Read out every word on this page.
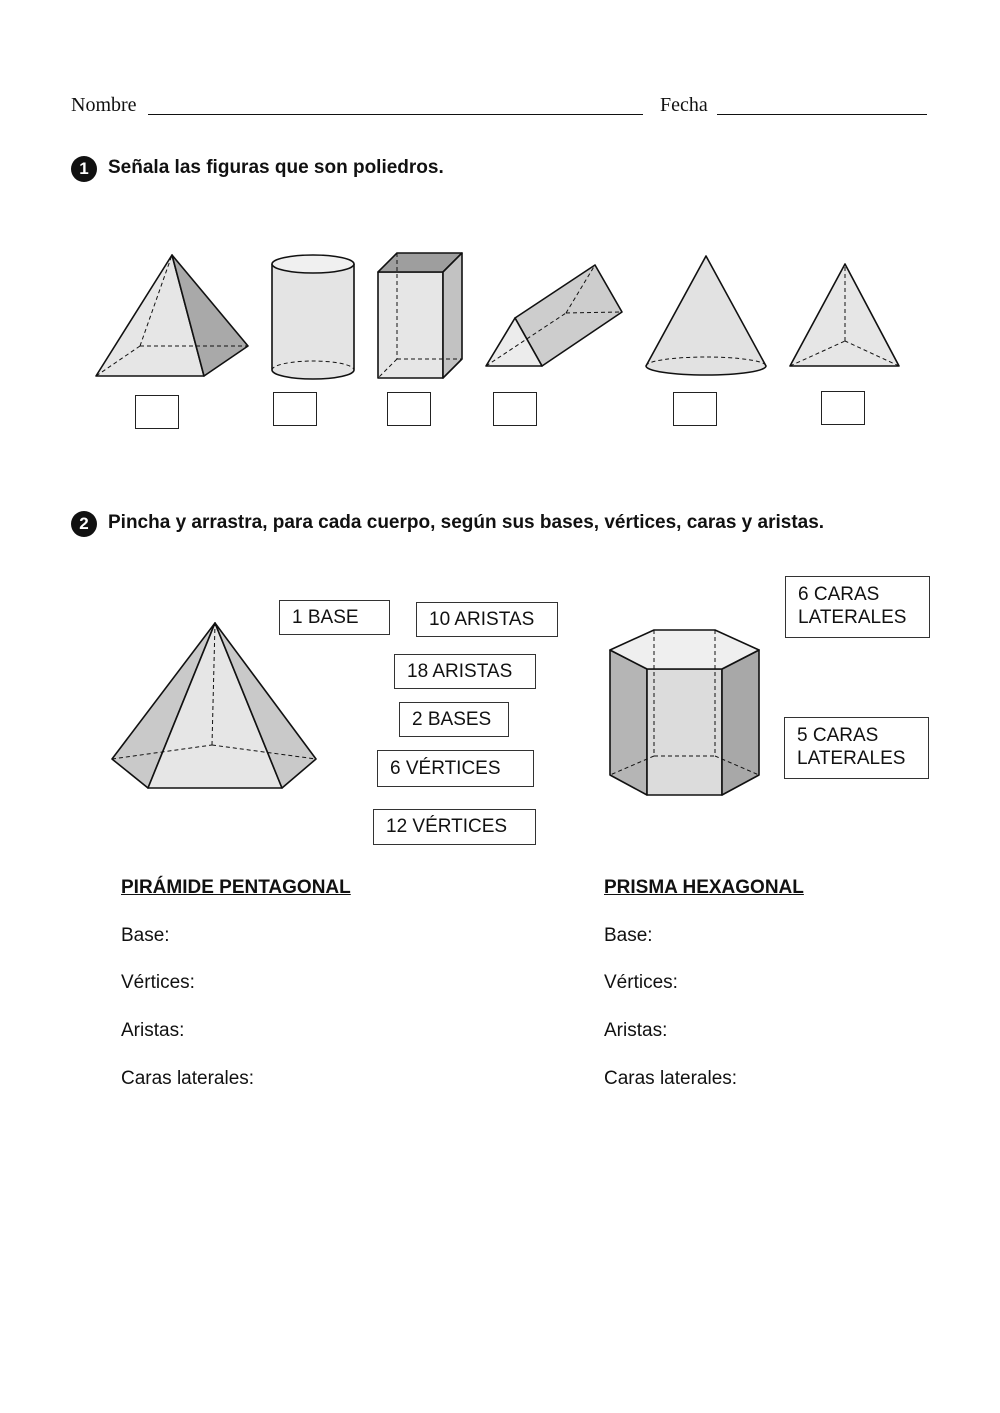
Nombre	Fecha
1	Señala las figuras que son poliedros.
2	Pincha y arrastra, para cada cuerpo, según sus bases, vértices, caras y aristas.
1 BASE	10 ARISTAS
18 ARISTAS
2 BASES
6 VÉRTICES
12 VÉRTICES
6 CARAS
LATERALES
5 CARAS
LATERALES
PIRÁMIDE PENTAGONAL
Base:
Vértices:
Aristas:
Caras laterales:
PRISMA HEXAGONAL
Base:
Vértices:
Aristas:
Caras laterales:
